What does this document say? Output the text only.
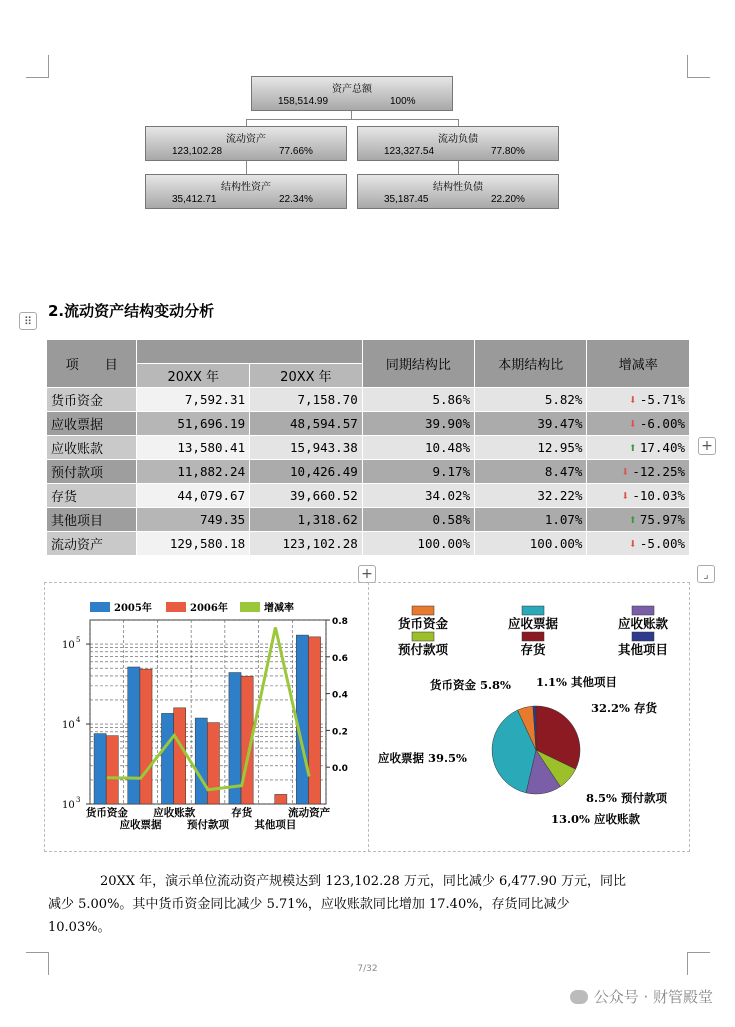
资产总额
158,514.99	100%
流动资产
123,102.28	77.66%
流动负债
123,327.54	77.80%
结构性资产
35,412.71	22.34%
结构性负债
35,187.45	22.20%
⠿
2.流动资产结构变动分析
项　　目			同期结构比	本期结构比	增减率
	20XX 年	20XX 年			
货币资金	7,592.31	7,158.70	5.86%	5.82%	⬇ -5.71%
应收票据	51,696.19	48,594.57	39.90%	39.47%	⬇ -6.00%
应收账款	13,580.41	15,943.38	10.48%	12.95%	⬆ 17.40%
预付款项	11,882.24	10,426.49	9.17%	8.47%	⬇ -12.25%
存货	44,079.67	39,660.52	34.02%	32.22%	⬇ -10.03%
其他项目	749.35	1,318.62	0.58%	1.07%	⬆ 75.97%
流动资产	129,580.18	123,102.28	100.00%	100.00%	⬇ -5.00%
+
+	⌟
10 3
10 4
10 5
0.0
0.2
0.4
0.6
0.8
货币资金
应收票据
应收账款
预付款项
存货
其他项目
流动资产
2005年	2006年	增减率
货币资金	应收票据	应收账款
预付款项	存货	其他项目
货币资金 5.8%
应收票据 39.5%
13.0% 应收账款
8.5% 预付款项
32.2% 存货
1.1% 其他项目
20XX 年，演示单位流动资产规模达到 123,102.28 万元，同比减少 6,477.90 万元，同比
减少 5.00%。其中货币资金同比减少 5.71%，应收账款同比增加 17.40%，存货同比减少
10.03%。
7/32
公众号 · 财管殿堂
